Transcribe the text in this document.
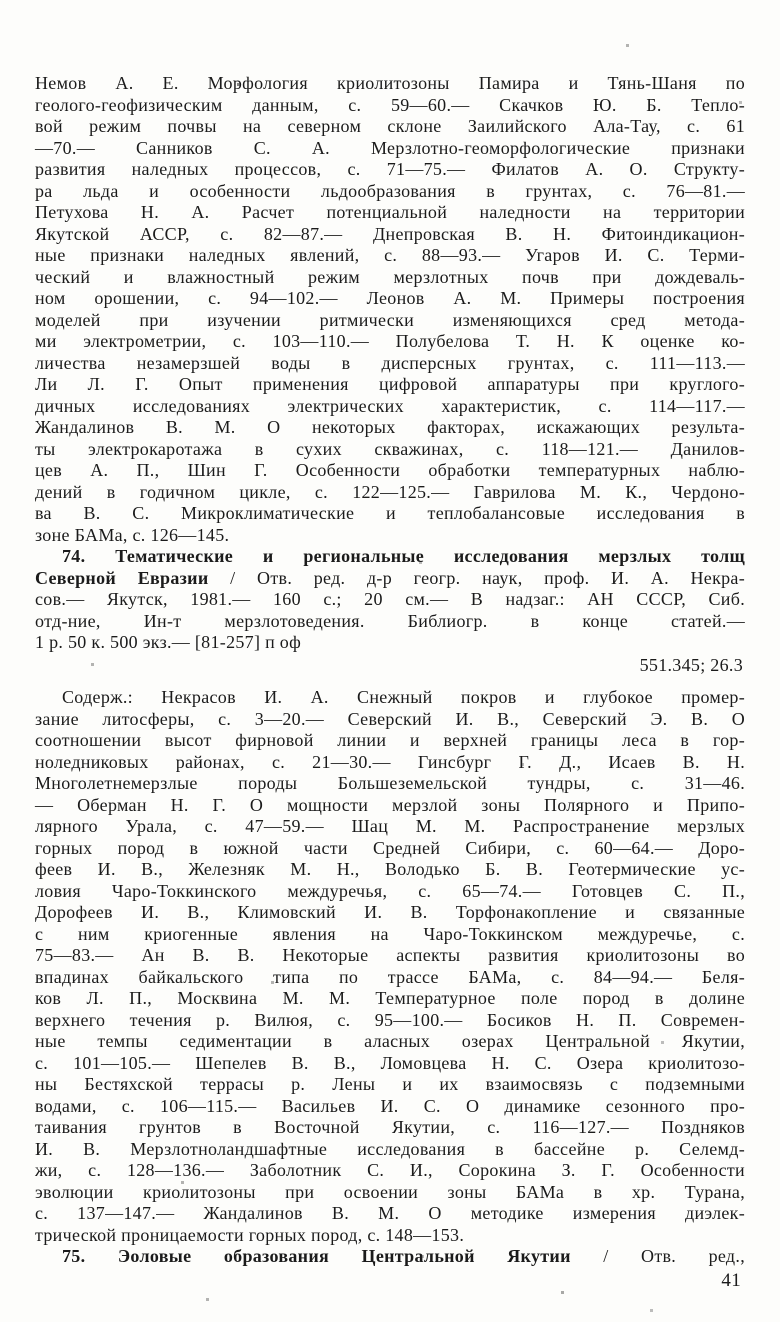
Немов А. Е. Морфология криолитозоны Памира и Тянь-Шаня по
геолого-геофизическим данным, с. 59—60.— Скачков Ю. Б. Тепло-
вой режим почвы на северном склоне Заилийского Ала-Тау, с. 61
—70.— Санников С. А. Мерзлотно-геоморфологические признаки
развития наледных процессов, с. 71—75.— Филатов А. О. Структу-
ра льда и особенности льдообразования в грунтах, с. 76—81.—
Петухова Н. А. Расчет потенциальной наледности на территории
Якутской АССР, с. 82—87.— Днепровская В. Н. Фитоиндикацион-
ные признаки наледных явлений, с. 88—93.— Угаров И. С. Терми-
ческий и влажностный режим мерзлотных почв при дождеваль-
ном орошении, с. 94—102.— Леонов А. М. Примеры построения
моделей при изучении ритмически изменяющихся сред метода-
ми электрометрии, с. 103—110.— Полубелова Т. Н. К оценке ко-
личества незамерзшей воды в дисперсных грунтах, с. 111—113.—
Ли Л. Г. Опыт применения цифровой аппаратуры при круглого-
дичных исследованиях электрических характеристик, с. 114—117.—
Жандалинов В. М. О некоторых факторах, искажающих результа-
ты электрокаротажа в сухих скважинах, с. 118—121.— Данилов-
цев А. П., Шин Г. Особенности обработки температурных наблю-
дений в годичном цикле, с. 122—125.— Гаврилова М. К., Чердоно-
ва В. С. Микроклиматические и теплобалансовые исследования в
зоне БАМа, с. 126—145.
74. Тематические и региональные исследования мерзлых толщ
Северной Евразии / Отв. ред. д-р геогр. наук, проф. И. А. Некра-
сов.— Якутск, 1981.— 160 с.; 20 см.— В надзаг.: АН СССР, Сиб.
отд-ние, Ин-т мерзлотоведения. Библиогр. в конце статей.—
1 р. 50 к. 500 экз.— [81-257] п оф
551.345; 26.3
Содерж.: Некрасов И. А. Снежный покров и глубокое промер-
зание литосферы, с. 3—20.— Северский И. В., Северский Э. В. О
соотношении высот фирновой линии и верхней границы леса в гор-
ноледниковых районах, с. 21—30.— Гинсбург Г. Д., Исаев В. Н.
Многолетнемерзлые породы Большеземельской тундры, с. 31—46.
— Оберман Н. Г. О мощности мерзлой зоны Полярного и Припо-
лярного Урала, с. 47—59.— Шац М. М. Распространение мерзлых
горных пород в южной части Средней Сибири, с. 60—64.— Доро-
феев И. В., Железняк М. Н., Володько Б. В. Геотермические ус-
ловия Чаро-Токкинского междуречья, с. 65—74.— Готовцев С. П.,
Дорофеев И. В., Климовский И. В. Торфонакопление и связанные
с ним криогенные явления на Чаро-Токкинском междуречье, с.
75—83.— Ан В. В. Некоторые аспекты развития криолитозоны во
впадинах байкальского типа по трассе БАМа, с. 84—94.— Беля-
ков Л. П., Москвина М. М. Температурное поле пород в долине
верхнего течения р. Вилюя, с. 95—100.— Босиков Н. П. Современ-
ные темпы седиментации в аласных озерах Центральной Якутии,
с. 101—105.— Шепелев В. В., Ломовцева Н. С. Озера криолитозо-
ны Бестяхской террасы р. Лены и их взаимосвязь с подземными
водами, с. 106—115.— Васильев И. С. О динамике сезонного про-
таивания грунтов в Восточной Якутии, с. 116—127.— Поздняков
И. В. Мерзлотноландшафтные исследования в бассейне р. Селемд-
жи, с. 128—136.— Заболотник С. И., Сорокина З. Г. Особенности
эволюции криолитозоны при освоении зоны БАМа в хр. Турана,
с. 137—147.— Жандалинов В. М. О методике измерения диэлек-
трической проницаемости горных пород, с. 148—153.
75. Эоловые образования Центральной Якутии / Отв. ред.,
41
